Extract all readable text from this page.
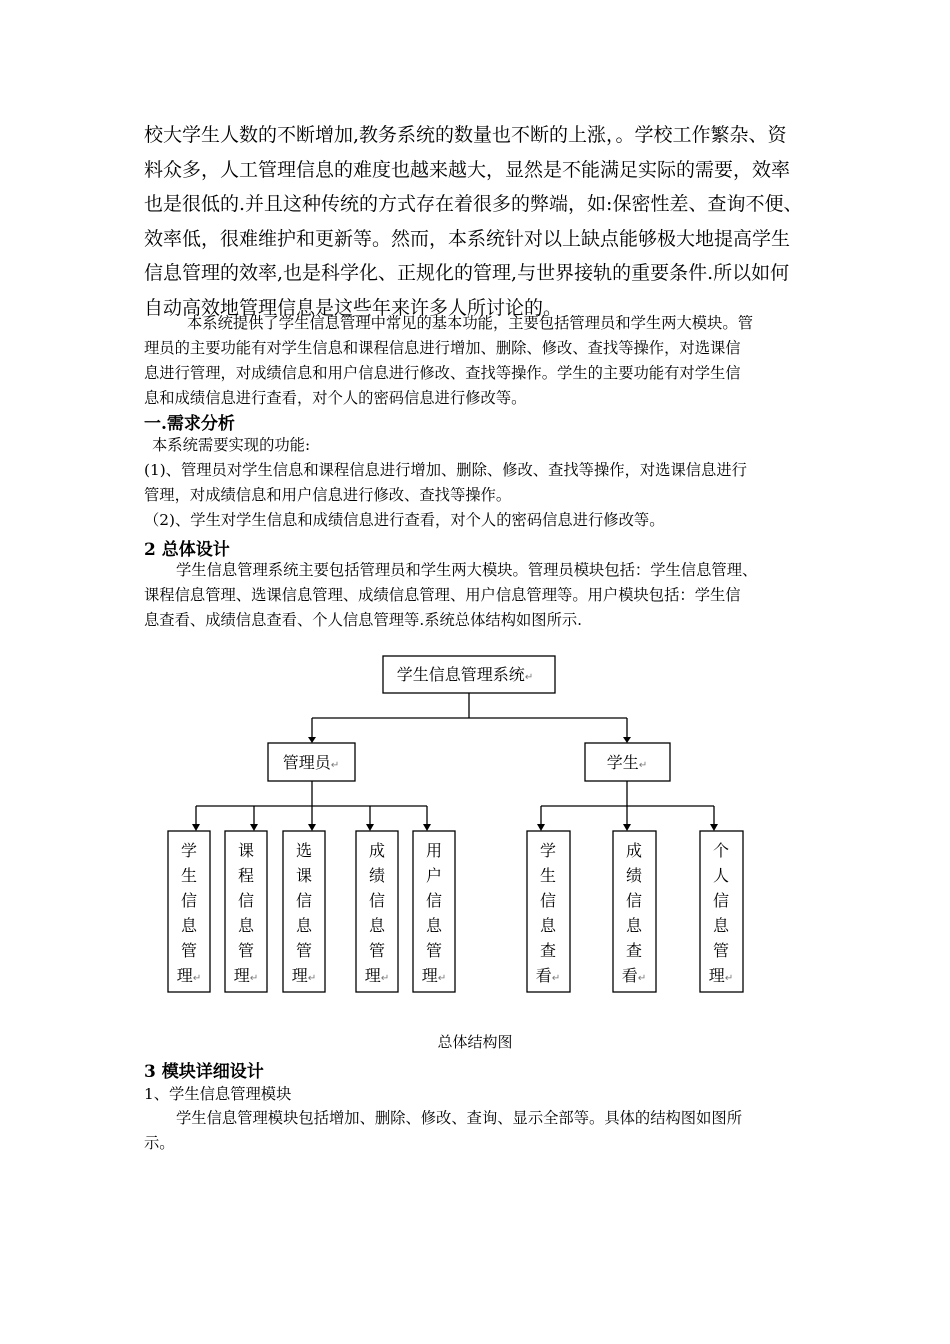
校大学生人数的不断增加,教务系统的数量也不断的上涨，。学校工作繁杂、资
料众多，人工管理信息的难度也越来越大，显然是不能满足实际的需要，效率
也是很低的.并且这种传统的方式存在着很多的弊端，如:保密性差、查询不便、
效率低，很难维护和更新等。然而，本系统针对以上缺点能够极大地提高学生
信息管理的效率,也是科学化、正规化的管理,与世界接轨的重要条件.所以如何
自动高效地管理信息是这些年来许多人所讨论的。

本系统提供了学生信息管理中常见的基本功能，主要包括管理员和学生两大模块。管
理员的主要功能有对学生信息和课程信息进行增加、删除、修改、查找等操作，对选课信
息进行管理，对成绩信息和用户信息进行修改、查找等操作。学生的主要功能有对学生信
息和成绩信息进行查看，对个人的密码信息进行修改等。

一.需求分析

本系统需要实现的功能:
(1)、管理员对学生信息和课程信息进行增加、删除、修改、查找等操作，对选课信息进行
管理，对成绩信息和用户信息进行修改、查找等操作。
（2)、学生对学生信息和成绩信息进行查看，对个人的密码信息进行修改等。

2 总体设计

学生信息管理系统主要包括管理员和学生两大模块。管理员模块包括：学生信息管理、
课程信息管理、选课信息管理、成绩信息管理、用户信息管理等。用户模块包括：学生信
息查看、成绩信息查看、个人信息管理等.系统总体结构如图所示.

学生信息管理系统↵
管理员↵	学生↵
学生信息管理↵
课程信息管理↵
选课信息管理↵
成绩信息管理↵
用户信息管理↵
学生信息查看↵
成绩信息查看↵
个人信息管理↵

总体结构图

3 模块详细设计

1、学生信息管理模块

学生信息管理模块包括增加、删除、修改、查询、显示全部等。具体的结构图如图所
示。
